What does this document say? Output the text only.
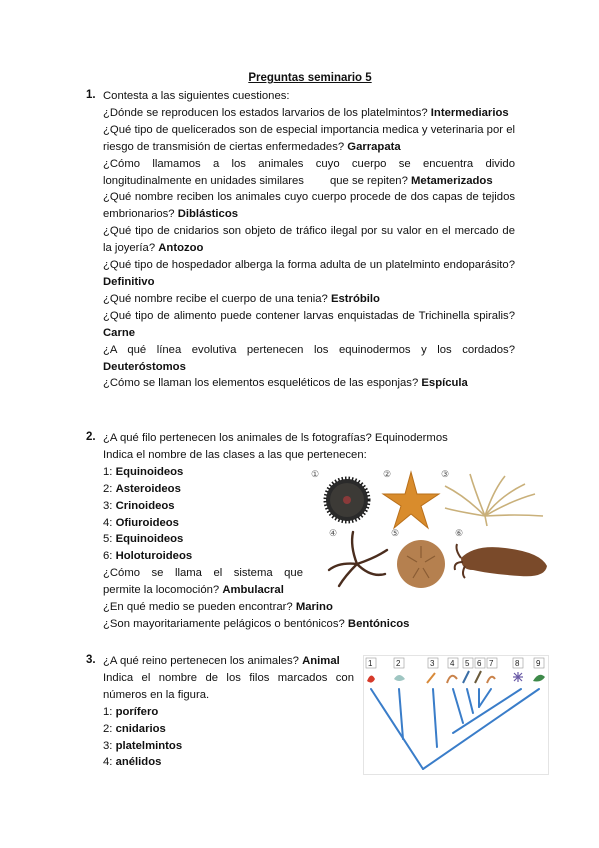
Preguntas seminario 5
1. Contesta a las siguientes cuestiones:
¿Dónde se reproducen los estados larvarios de los platelmintos? Intermediarios
¿Qué tipo de quelicerados son de especial importancia medica y veterinaria por el riesgo de transmisión de ciertas enfermedades? Garrapata
¿Cómo llamamos a los animales cuyo cuerpo se encuentra divido longitudinalmente en unidades similares que se repiten? Metamerizados
¿Qué nombre reciben los animales cuyo cuerpo procede de dos capas de tejidos embrionarios? Diblásticos
¿Qué tipo de cnidarios son objeto de tráfico ilegal por su valor en el mercado de la joyería? Antozoo
¿Qué tipo de hospedador alberga la forma adulta de un platelminto endoparásito? Definitivo
¿Qué nombre recibe el cuerpo de una tenia? Estróbilo
¿Qué tipo de alimento puede contener larvas enquistadas de Trichinella spiralis? Carne
¿A qué línea evolutiva pertenecen los equinodermos y los cordados? Deuteróstomos
¿Cómo se llaman los elementos esqueléticos de las esponjas? Espícula
2. ¿A qué filo pertenecen los animales de ls fotografías? Equinodermos
Indica el nombre de las clases a las que pertenecen:
1: Equinoideos
2: Asteroideos
3: Crinoideos
4: Ofiuroideos
5: Equinoideos
6: Holoturoideos
¿Cómo se llama el sistema que
permite la locomoción? Ambulacral
¿En qué medio se pueden encontrar? Marino
¿Son mayoritariamente pelágicos o bentónicos? Bentónicos
①	②	③
④	⑤	⑥
3. ¿A qué reino pertenecen los animales? Animal
Indica el nombre de los filos marcados con
números en la figura.
1: porífero
2: cnidarios
3: platelmintos
4: anélidos
1	2	3 4 5 6 7	8 9
